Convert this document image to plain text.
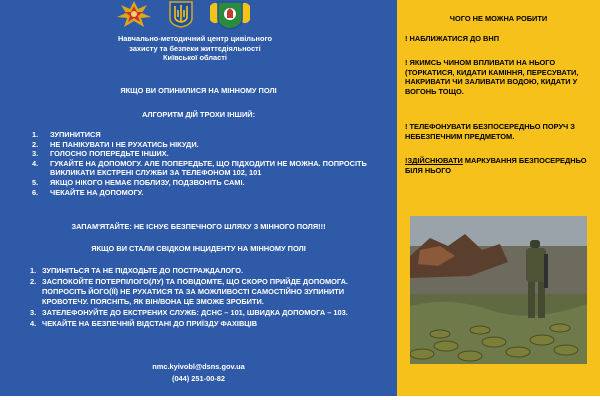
Навчально-методичний центр цивільного
захисту та безпеки життєдіяльності
Київської області
ЯКЩО ВИ ОПИНИЛИСЯ НА МІННОМУ ПОЛІ
АЛГОРИТМ ДІЙ ТРОХИ ІНШИЙ:
1. ЗУПИНИТИСЯ
2. НЕ ПАНІКУВАТИ І НЕ РУХАТИСЬ НІКУДИ.
3. ГОЛОСНО ПОПЕРЕДЬТЕ ІНШИХ.
4. ГУКАЙТЕ НА ДОПОМОГУ. АЛЕ ПОПЕРЕДЬТЕ, ЩО ПІДХОДИТИ НЕ МОЖНА. ПОПРОСІТЬ ВИКЛИКАТИ ЕКСТРЕНІ СЛУЖБИ ЗА ТЕЛЕФОНОМ 102, 101
5. ЯКЩО НІКОГО НЕМАЄ ПОБЛИЗУ, ПОДЗВОНІТЬ САМІ.
6. ЧЕКАЙТЕ НА ДОПОМОГУ.
ЗАПАМ'ЯТАЙТЕ: НЕ ІСНУЄ БЕЗПЕЧНОГО ШЛЯХУ З МІННОГО ПОЛЯ!!!
ЯКЩО ВИ СТАЛИ СВІДКОМ ІНЦИДЕНТУ НА МІННОМУ ПОЛІ
1. ЗУПИНІТЬСЯ ТА НЕ ПІДХОДЬТЕ ДО ПОСТРАЖДАЛОГО.
2. ЗАСПОКОЙТЕ ПОТЕРПІЛОГО(ЛУ) ТА ПОВІДОМТЕ, ЩО СКОРО ПРИЙДЕ ДОПОМОГА. ПОПРОСІТЬ ЙОГО(ЇЇ) НЕ РУХАТИСЯ ТА ЗА МОЖЛИВОСТІ САМОСТІЙНО ЗУПИНИТИ КРОВОТЕЧУ. ПОЯСНІТЬ, ЯК ВІН/ВОНА ЦЕ ЗМОЖЕ ЗРОБИТИ.
3. ЗАТЕЛЕФОНУЙТЕ ДО ЕКСТРЕНИХ СЛУЖБ: ДСНС – 101, ШВИДКА ДОПОМОГА – 103.
4. ЧЕКАЙТЕ НА БЕЗПЕЧНІЙ ВІДСТАНІ ДО ПРИЇЗДУ ФАХІВЦІВ
nmc.kyivobl@dsns.gov.ua
(044) 251-00-82
ЧОГО НЕ МОЖНА РОБИТИ
! НАБЛИЖАТИСЯ ДО ВНП
! ЯКИМСЬ ЧИНОМ ВПЛИВАТИ НА НЬОГО (ТОРКАТИСЯ, КИДАТИ КАМІННЯ, ПЕРЕСУВАТИ, НАКРИВАТИ ЧИ ЗАЛИВАТИ ВОДОЮ, КИДАТИ У ВОГОНЬ ТОЩО.
! ТЕЛЕФОНУВАТИ БЕЗПОСЕРЕДНЬО ПОРУЧ З НЕБЕЗПЕЧНИМ ПРЕДМЕТОМ.
!ЗДІЙСНЮВАТИ МАРКУВАННЯ БЕЗПОСЕРЕДНЬО БІЛЯ НЬОГО
